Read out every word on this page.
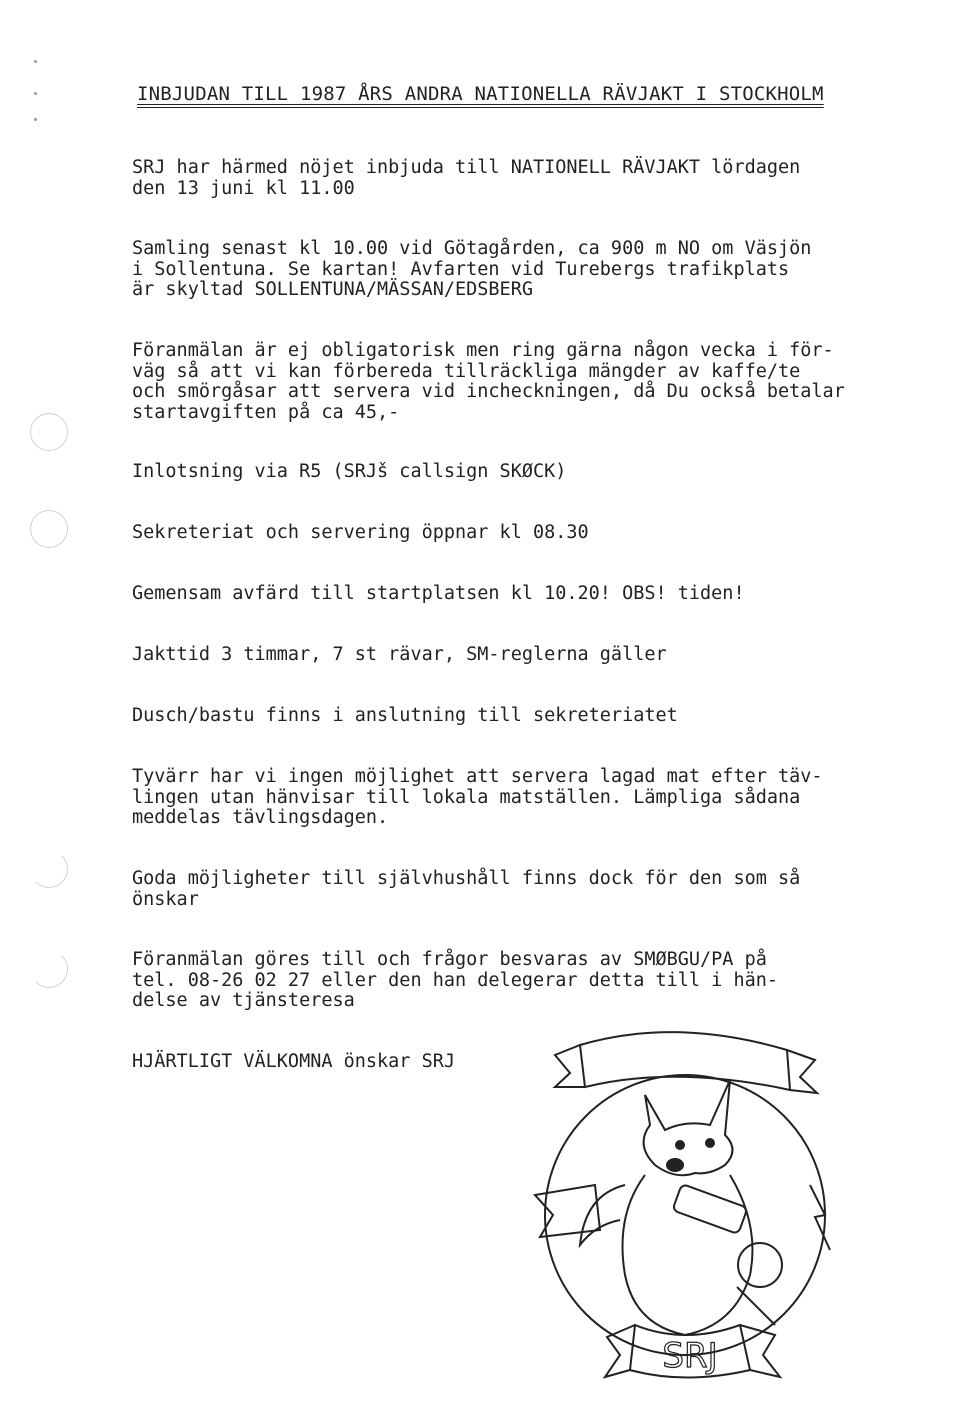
INBJUDAN TILL 1987 ÅRS ANDRA NATIONELLA RÄVJAKT I STOCKHOLM

SRJ har härmed nöjet inbjuda till NATIONELL RÄVJAKT lördagen
den 13 juni kl 11.00

Samling senast kl 10.00 vid Götagården, ca 900 m NO om Väsjön
i Sollentuna. Se kartan! Avfarten vid Turebergs trafikplats
är skyltad SOLLENTUNA/MÄSSAN/EDSBERG

Föranmälan är ej obligatorisk men ring gärna någon vecka i för-
väg så att vi kan förbereda tillräckliga mängder av kaffe/te
och smörgåsar att servera vid incheckningen, då Du också betalar
startavgiften på ca 45,-

Inlotsning via R5 (SRJš callsign SKØCK)

Sekreteriat och servering öppnar kl 08.30

Gemensam avfärd till startplatsen kl 10.20! OBS! tiden!

Jakttid 3 timmar, 7 st rävar, SM-reglerna gäller

Dusch/bastu finns i anslutning till sekreteriatet

Tyvärr har vi ingen möjlighet att servera lagad mat efter täv-
lingen utan hänvisar till lokala matställen. Lämpliga sådana
meddelas tävlingsdagen.

Goda möjligheter till självhushåll finns dock för den som så
önskar

Föranmälan göres till och frågor besvaras av SMØBGU/PA på
tel. 08-26 02 27 eller den han delegerar detta till i hän-
delse av tjänsteresa

HJÄRTLIGT VÄLKOMNA önskar SRJ

SRJ
